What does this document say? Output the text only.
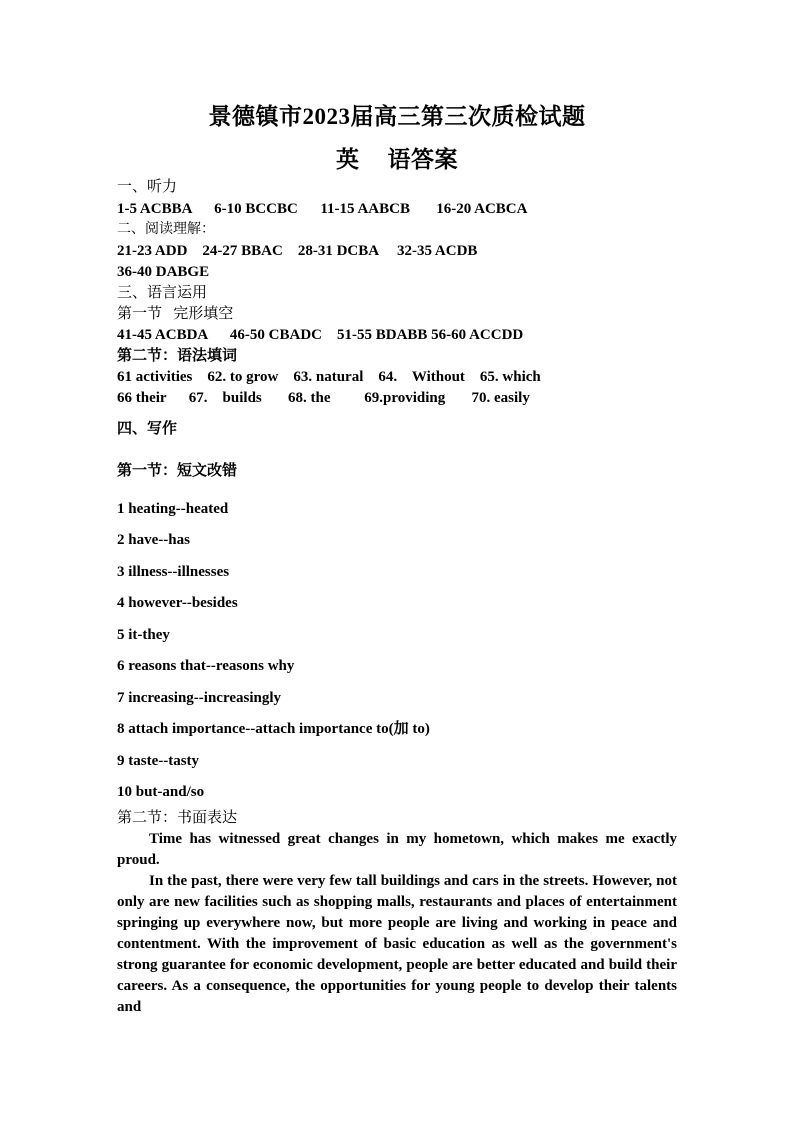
景德镇市2023届高三第三次质检试题
英 语答案
一、听力
1-5 ACBBA      6-10 BCCBC      11-15 AABCB       16-20 ACBCA
二、阅读理解：
21-23 ADD    24-27 BBAC    28-31 DCBA     32-35 ACDB
36-40 DABGE
三、语言运用
第一节   完形填空
41-45 ACBDA      46-50 CBADC    51-55 BDABB 56-60 ACCDD
第二节：语法填词
61 activities    62. to grow    63. natural    64.    Without    65. which
66 their      67.    builds       68. the         69.providing       70. easily
四、写作
第一节：短文改错
1 heating--heated
2 have--has
3 illness--illnesses
4 however--besides
5 it-they
6 reasons that--reasons why
7 increasing--increasingly
8 attach importance--attach importance to(加 to)
9 taste--tasty
10 but-and/so
第二节：书面表达

Time has witnessed great changes in my hometown, which makes me exactly proud.

In the past, there were very few tall buildings and cars in the streets. However, not only are new facilities such as shopping malls, restaurants and places of entertainment springing up everywhere now, but more people are living and working in peace and contentment. With the improvement of basic education as well as the government's strong guarantee for economic development, people are better educated and build their careers. As a consequence, the opportunities for young people to develop their talents and
